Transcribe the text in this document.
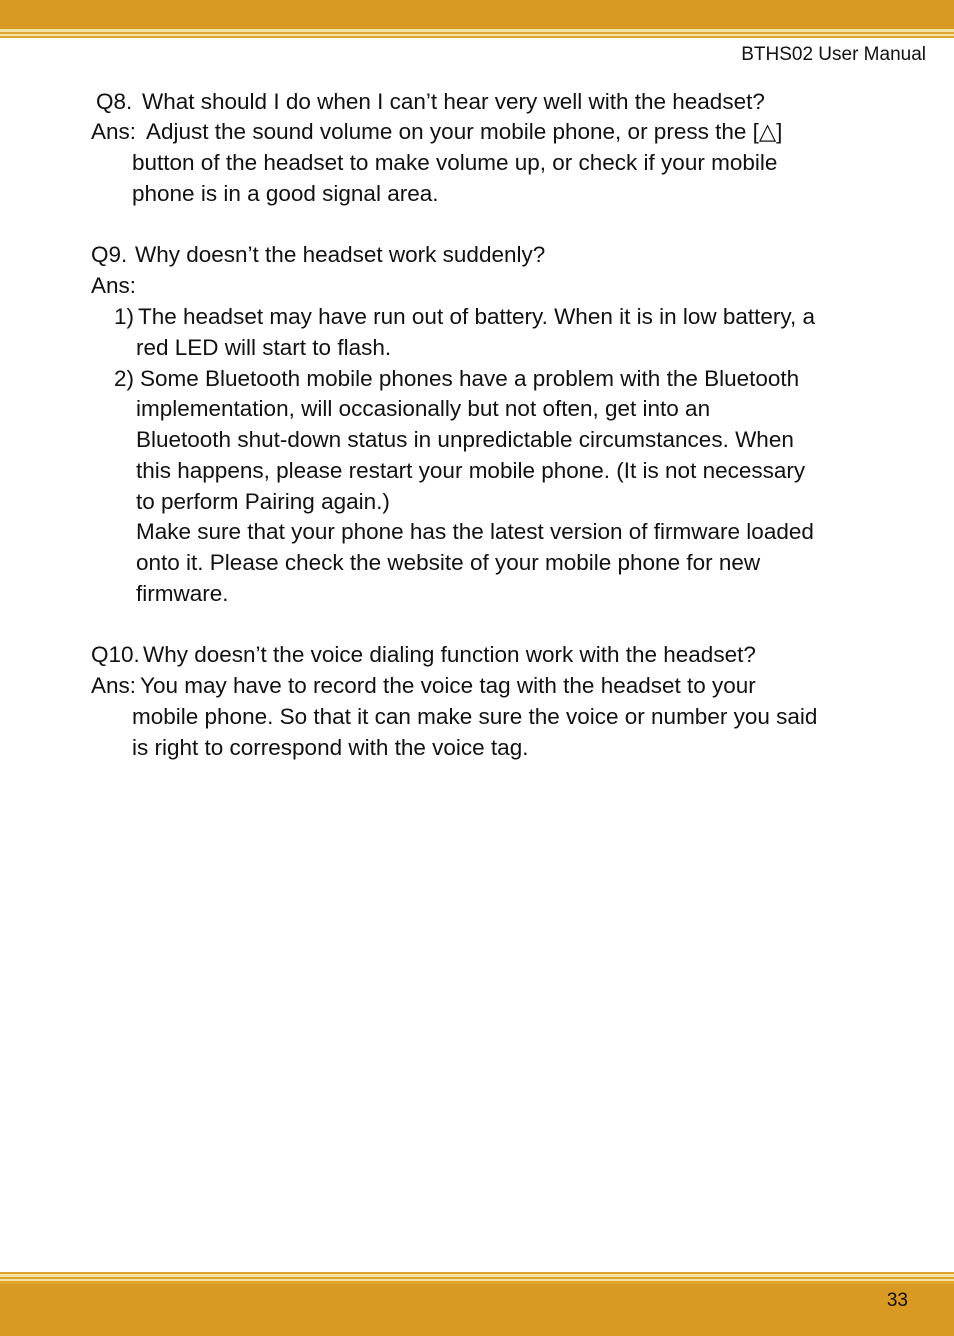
BTHS02 User Manual
33
Q8. What should I do when I can’t hear very well with the headset?
Ans: Adjust the sound volume on your mobile phone, or press the [△]
button of the headset to make volume up, or check if your mobile
phone is in a good signal area.
Q9. Why doesn’t the headset work suddenly?
Ans:
1) The headset may have run out of battery. When it is in low battery, a
red LED will start to flash.
2) Some Bluetooth mobile phones have a problem with the Bluetooth
implementation, will occasionally but not often, get into an
Bluetooth shut-down status in unpredictable circumstances. When
this happens, please restart your mobile phone. (It is not necessary
to perform Pairing again.)
Make sure that your phone has the latest version of firmware loaded
onto it. Please check the website of your mobile phone for new
firmware.
Q10. Why doesn’t the voice dialing function work with the headset?
Ans: You may have to record the voice tag with the headset to your
mobile phone. So that it can make sure the voice or number you said
is right to correspond with the voice tag.
